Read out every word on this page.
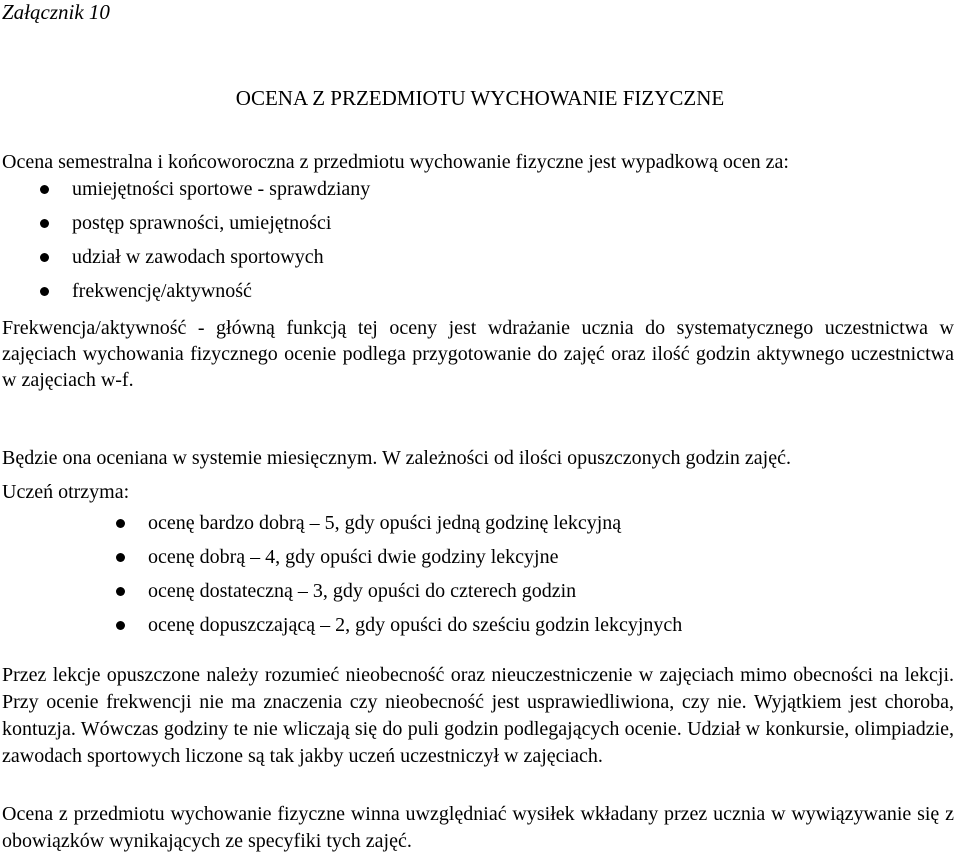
Załącznik 10
OCENA Z PRZEDMIOTU WYCHOWANIE FIZYCZNE
Ocena semestralna i końcoworoczna z przedmiotu wychowanie fizyczne jest wypadkową ocen za:
umiejętności sportowe - sprawdziany
postęp sprawności, umiejętności
udział w zawodach sportowych
frekwencję/aktywność
Frekwencja/aktywność - główną funkcją tej oceny jest wdrażanie ucznia do systematycznego uczestnictwa w zajęciach wychowania fizycznego ocenie podlega przygotowanie do zajęć oraz ilość godzin aktywnego uczestnictwa w zajęciach w-f.
Będzie ona oceniana w systemie miesięcznym. W zależności od ilości opuszczonych godzin zajęć.
Uczeń otrzyma:
ocenę bardzo dobrą – 5, gdy opuści jedną godzinę lekcyjną
ocenę dobrą – 4, gdy opuści dwie godziny lekcyjne
ocenę dostateczną – 3, gdy opuści do czterech godzin
ocenę dopuszczającą – 2, gdy opuści do sześciu godzin lekcyjnych
Przez lekcje opuszczone należy rozumieć nieobecność oraz nieuczestniczenie w zajęciach mimo obecności na lekcji. Przy ocenie frekwencji nie ma znaczenia czy nieobecność jest usprawiedliwiona, czy nie. Wyjątkiem jest choroba, kontuzja. Wówczas godziny te nie wliczają się do puli godzin podlegających ocenie. Udział w konkursie, olimpiadzie, zawodach sportowych liczone są tak jakby uczeń uczestniczył w zajęciach.
Ocena z przedmiotu wychowanie fizyczne winna uwzględniać wysiłek wkładany przez ucznia w wywiązywanie się z obowiązków wynikających ze specyfiki tych zajęć.
